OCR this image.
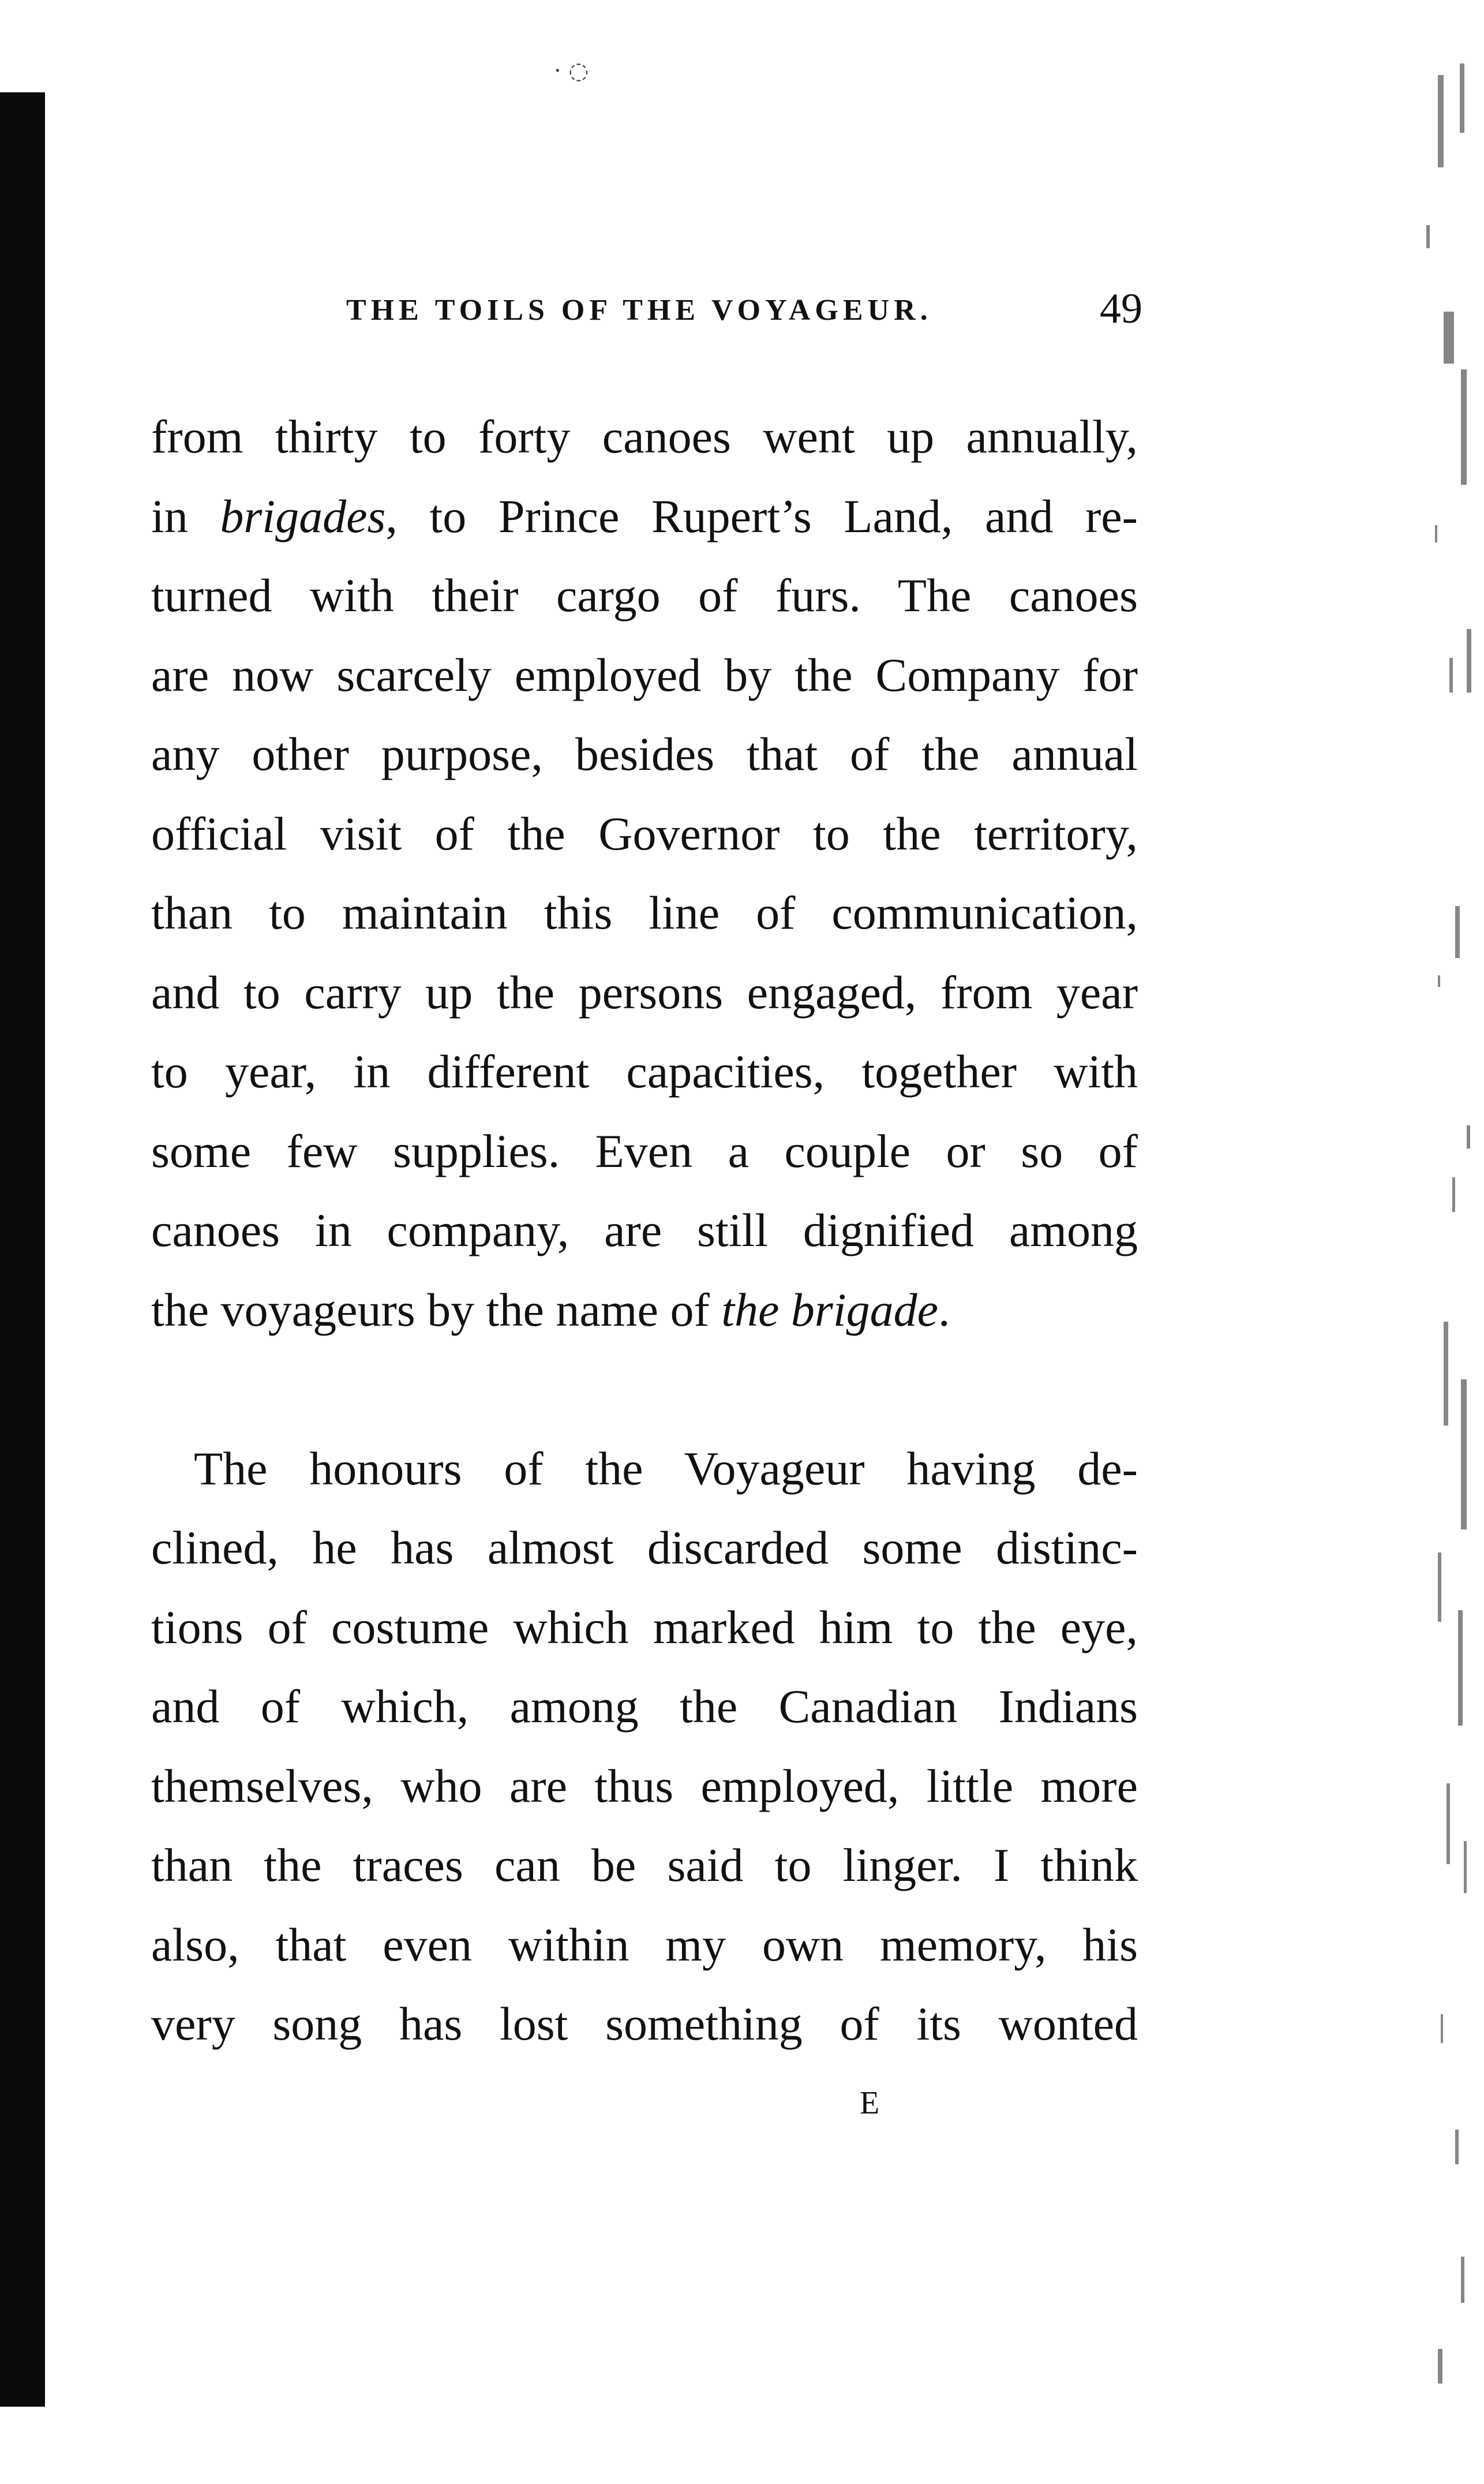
· ◌
THE TOILS OF THE VOYAGEUR.	49
from thirty to forty canoes went up annually,
in brigades, to Prince Rupert’s Land, and re-
turned with their cargo of furs. The canoes
are now scarcely employed by the Company for
any other purpose, besides that of the annual
official visit of the Governor to the territory,
than to maintain this line of communication,
and to carry up the persons engaged, from year
to year, in different capacities, together with
some few supplies. Even a couple or so of
canoes in company, are still dignified among
the voyageurs by the name of the brigade.
The honours of the Voyageur having de-
clined, he has almost discarded some distinc-
tions of costume which marked him to the eye,
and of which, among the Canadian Indians
themselves, who are thus employed, little more
than the traces can be said to linger. I think
also, that even within my own memory, his
very song has lost something of its wonted
E
